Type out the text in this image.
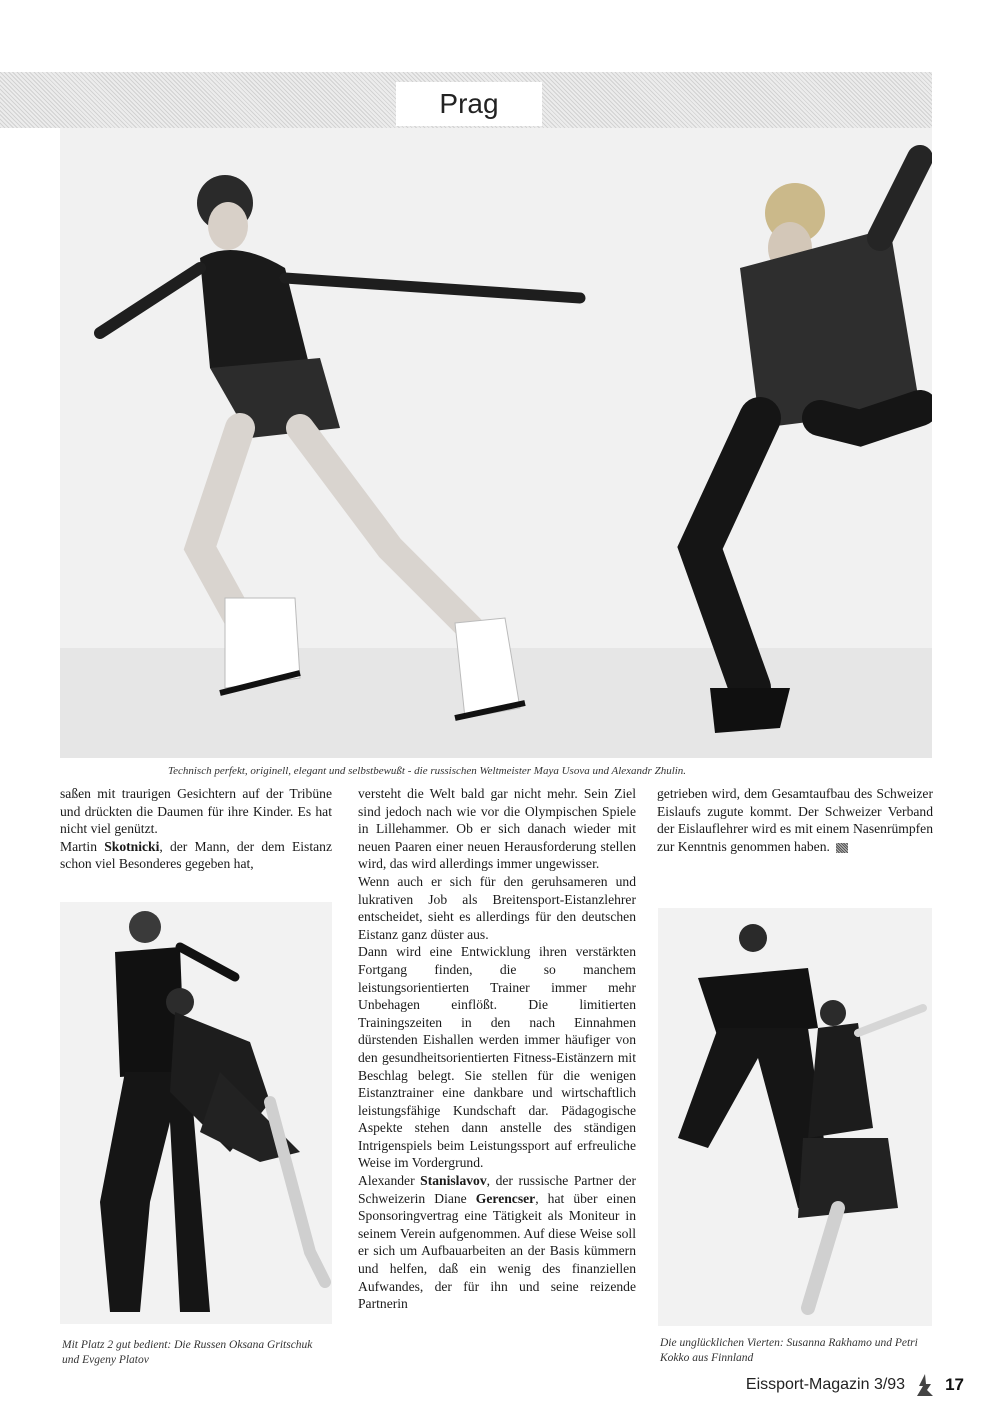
Prag
Technisch perfekt, originell, elegant und selbstbewußt - die russischen Weltmeister Maya Usova und Alexandr Zhulin.

saßen mit traurigen Gesichtern auf der Tribüne und drückten die Daumen für ihre Kinder. Es hat nicht viel genützt.

Martin Skotnicki, der Mann, der dem Eistanz schon viel Besonderes gegeben hat,

versteht die Welt bald gar nicht mehr. Sein Ziel sind jedoch nach wie vor die Olympischen Spiele in Lillehammer. Ob er sich danach wieder mit neuen Paaren einer neuen Herausforderung stellen wird, das wird allerdings immer ungewisser.

Wenn auch er sich für den geruhsameren und lukrativen Job als Breitensport-Eistanzlehrer entscheidet, sieht es allerdings für den deutschen Eistanz ganz düster aus.

Dann wird eine Entwicklung ihren verstärkten Fortgang finden, die so manchem leistungsorientierten Trainer immer mehr Unbehagen einflößt. Die limitierten Trainingszeiten in den nach Einnahmen dürstenden Eishallen werden immer häufiger von den gesundheitsorientierten Fitness-Eistänzern mit Beschlag belegt. Sie stellen für die wenigen Eistanztrainer eine dankbare und wirtschaftlich leistungsfähige Kundschaft dar. Pädagogische Aspekte stehen dann anstelle des ständigen Intrigenspiels beim Leistungssport auf erfreuliche Weise im Vordergrund.

Alexander Stanislavov, der russische Partner der Schweizerin Diane Gerencser, hat über einen Sponsoringvertrag eine Tätigkeit als Moniteur in seinem Verein aufgenommen. Auf diese Weise soll er sich um Aufbauarbeiten an der Basis kümmern und helfen, daß ein wenig des finanziellen Aufwandes, der für ihn und seine reizende Partnerin

getrieben wird, dem Gesamtaufbau des Schweizer Eislaufs zugute kommt. Der Schweizer Verband der Eislauflehrer wird es mit einem Nasenrümpfen zur Kenntnis genommen haben.

Mit Platz 2 gut bedient: Die Russen Oksana Gritschuk und Evgeny Platov
Die unglücklichen Vierten: Susanna Rakhamo und Petri Kokko aus Finnland
Eissport-Magazin 3/93 17
